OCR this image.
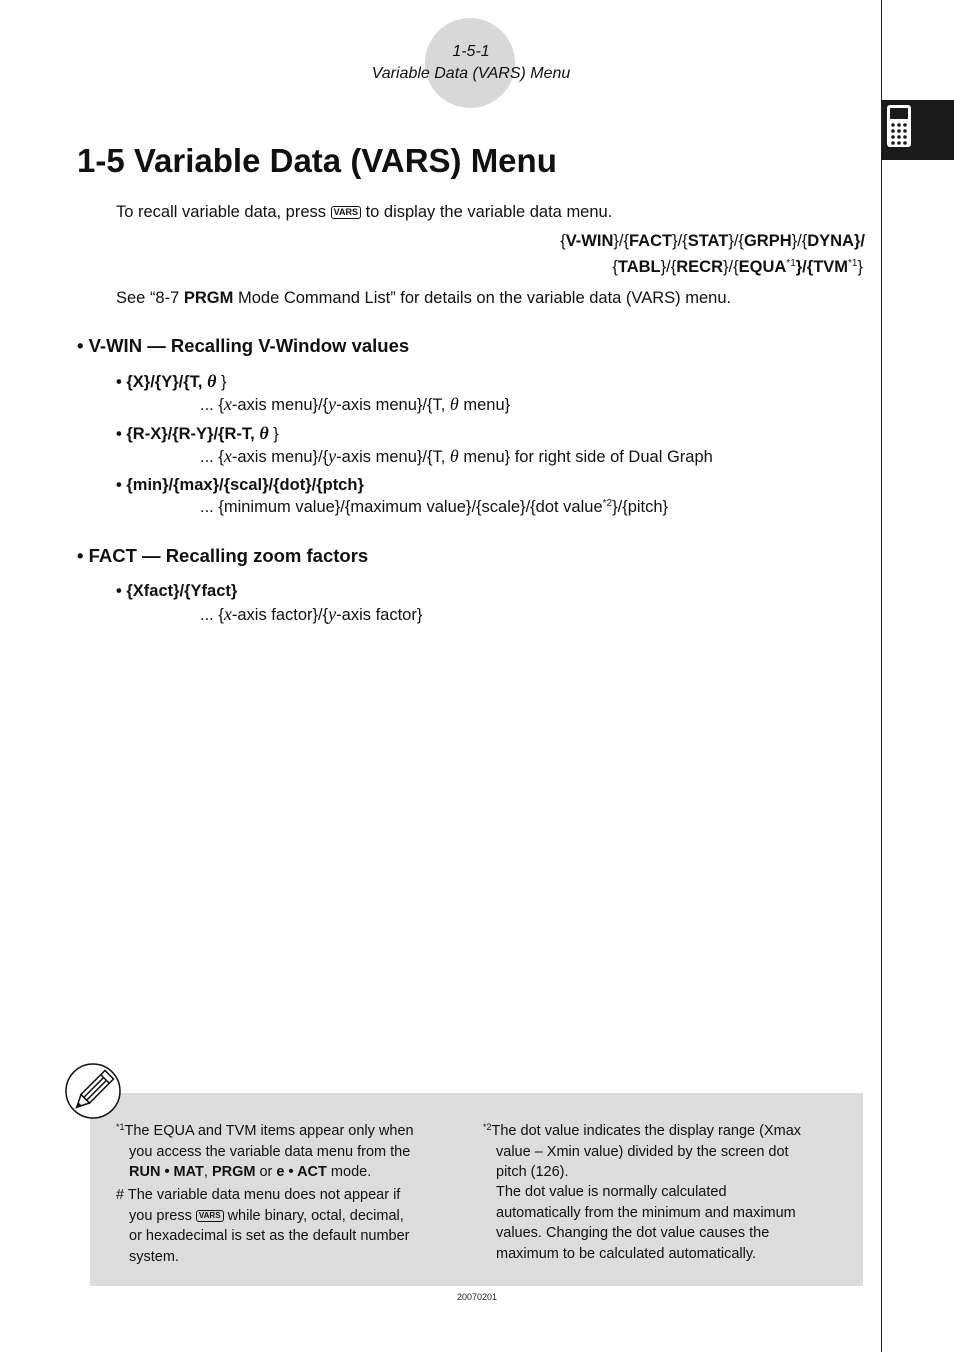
1-5-1
Variable Data (VARS) Menu
1-5 Variable Data (VARS) Menu
To recall variable data, press VARS to display the variable data menu.
{V-WIN}/{FACT}/{STAT}/{GRPH}/{DYNA}/
{TABL}/{RECR}/{EQUA$^{*1}$}/{TVM$^{*1}$}
See “8-7 PRGM Mode Command List” for details on the variable data (VARS) menu.
• V-WIN — Recalling V-Window values
• {X}/{Y}/{T, θ }
... {x-axis menu}/{y-axis menu}/{T, θ menu}
• {R-X}/{R-Y}/{R-T, θ }
... {x-axis menu}/{y-axis menu}/{T, θ menu} for right side of Dual Graph
• {min}/{max}/{scal}/{dot}/{ptch}
... {minimum value}/{maximum value}/{scale}/{dot value$^{*2}$}/{pitch}
• FACT — Recalling zoom factors
• {Xfact}/{Yfact}
... {x-axis factor}/{y-axis factor}
$^{*1}$The EQUA and TVM items appear only when
you access the variable data menu from the
RUN • MAT, PRGM or e • ACT mode.
# The variable data menu does not appear if
you press VARS while binary, octal, decimal,
or hexadecimal is set as the default number
system.
$^{*2}$The dot value indicates the display range (Xmax
value – Xmin value) divided by the screen dot
pitch (126).
The dot value is normally calculated
automatically from the minimum and maximum
values. Changing the dot value causes the
maximum to be calculated automatically.
20070201
